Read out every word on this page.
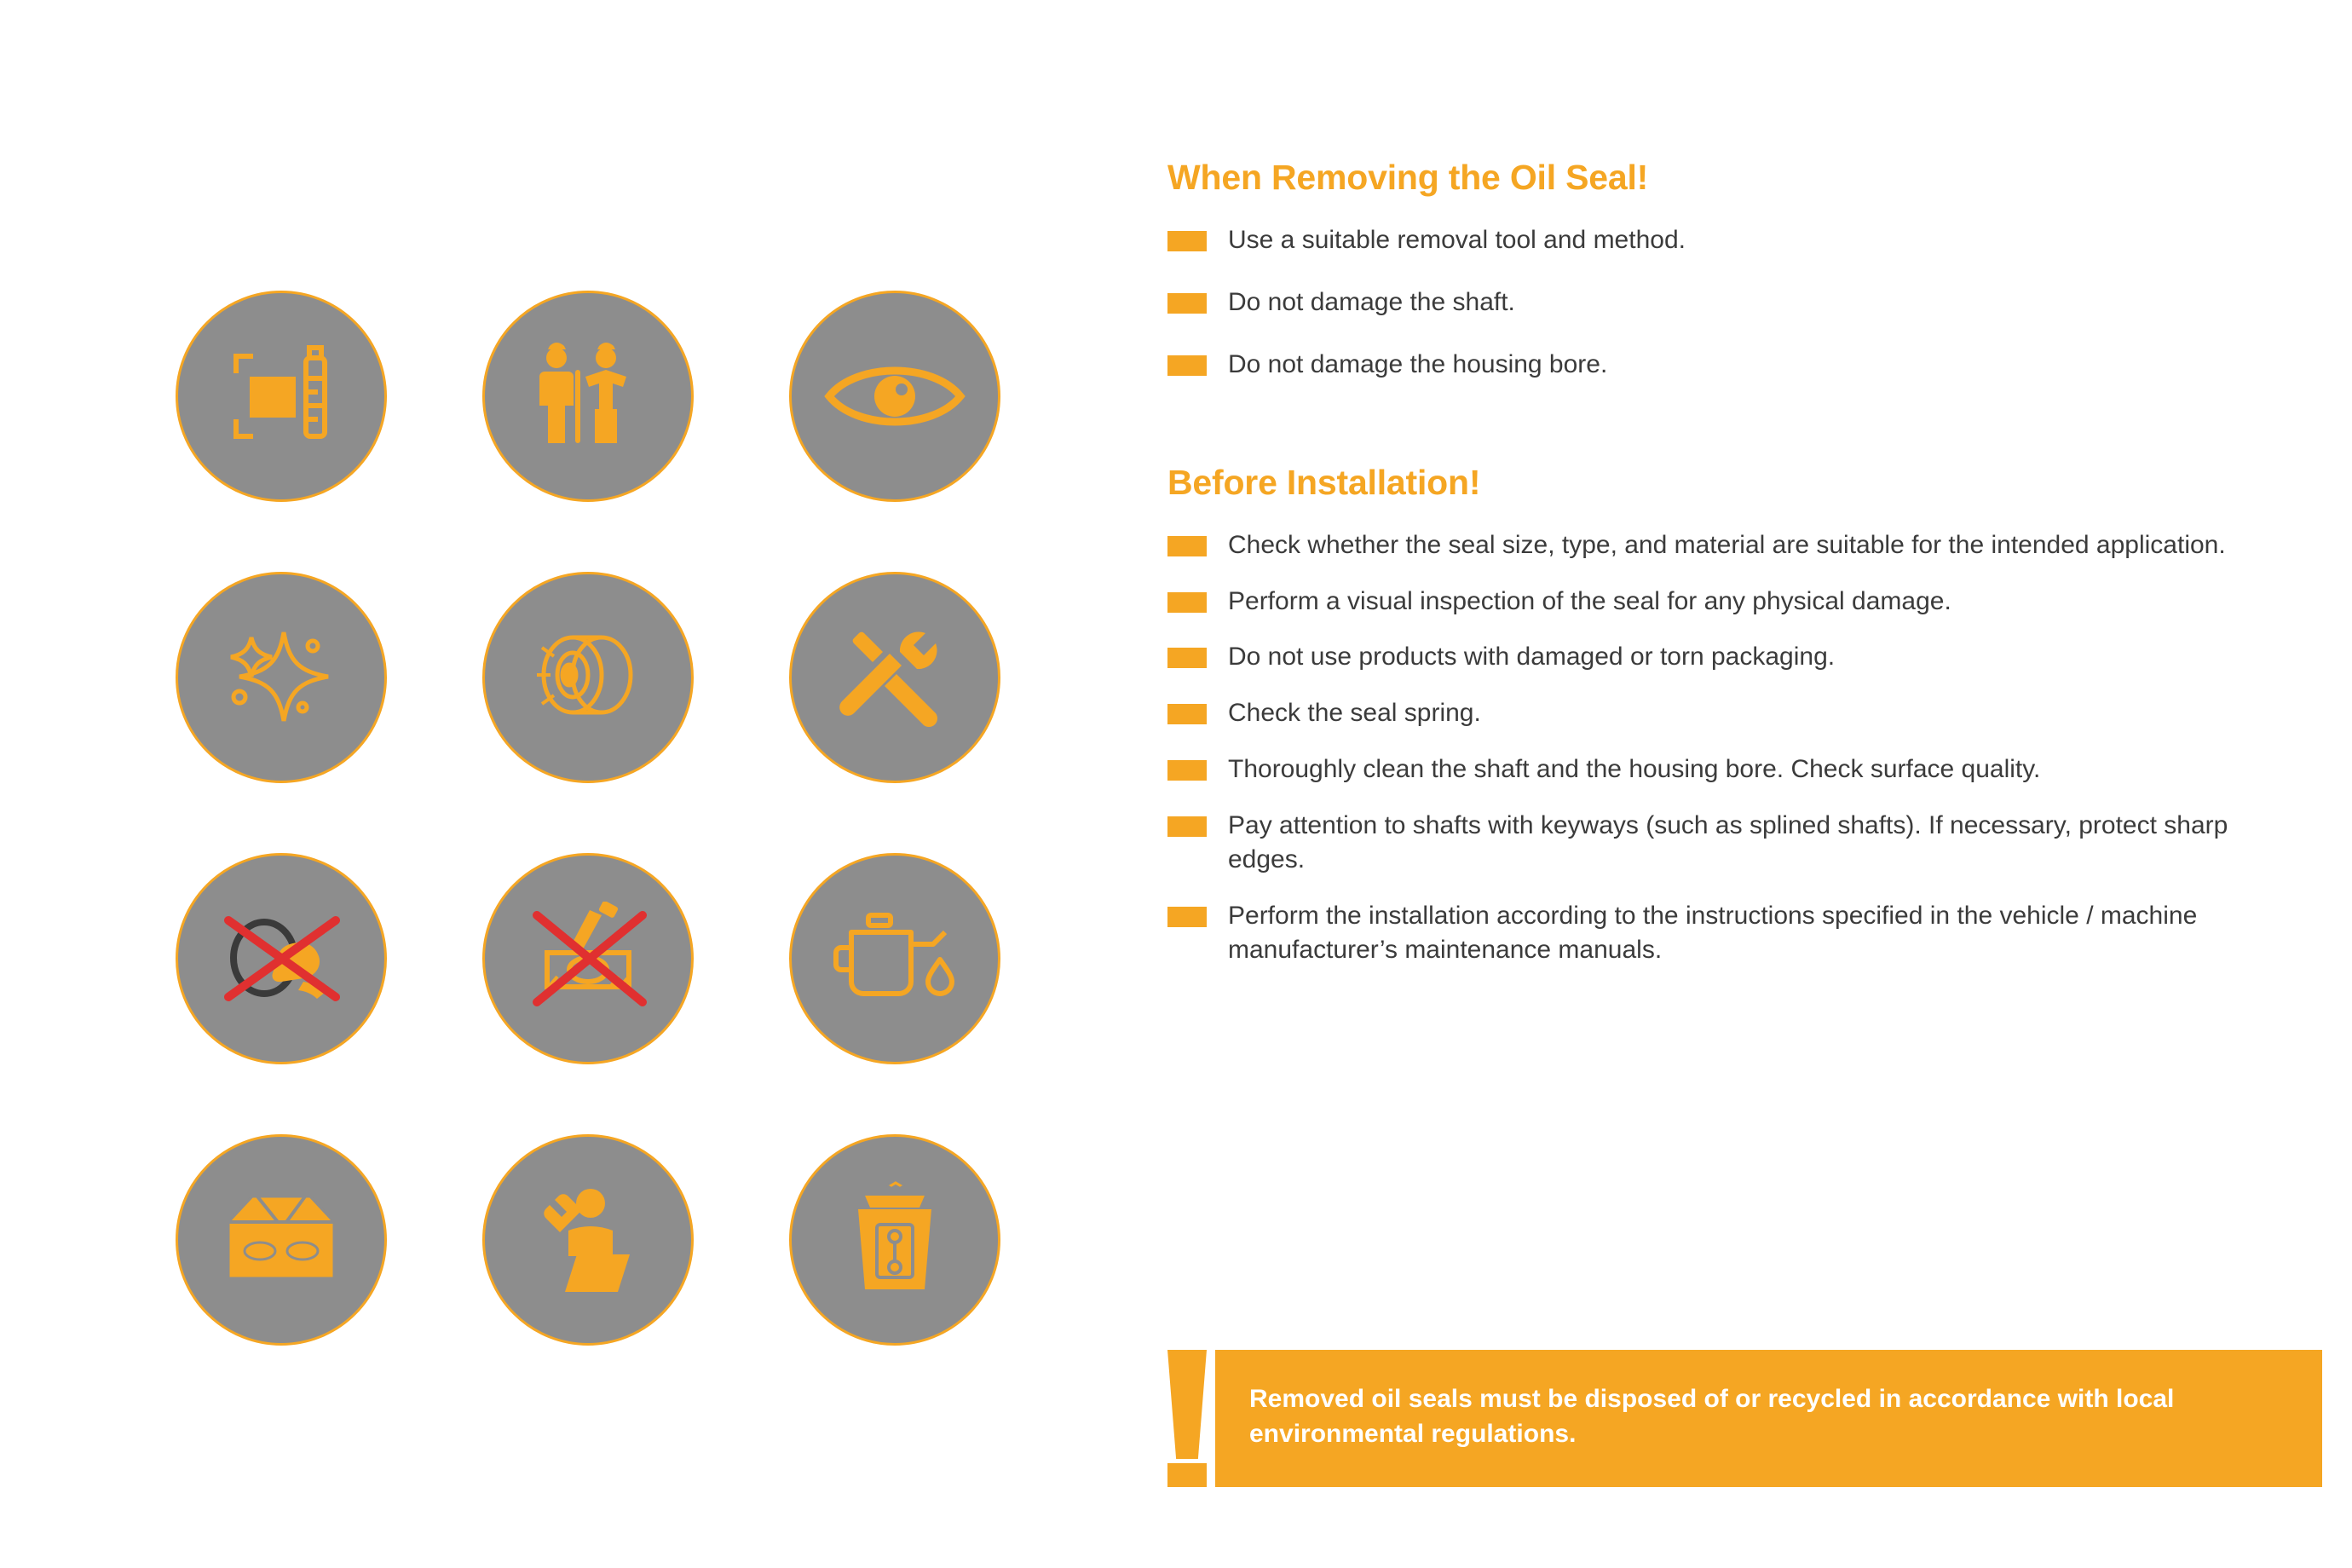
When Removing the Oil Seal!
Use a suitable removal tool and method.
Do not damage the shaft.
Do not damage the housing bore.
Before Installation!
Check whether the seal size, type, and material are suitable for the intended application.
Perform a visual inspection of the seal for any physical damage.
Do not use products with damaged or torn packaging.
Check the seal spring.
Thoroughly clean the shaft and the housing bore. Check surface quality.
Pay attention to shafts with keyways (such as splined shafts). If necessary, protect sharp edges.
Perform the installation according to the instructions specified in the vehicle / machine manufacturer’s maintenance manuals.
Removed oil seals must be disposed of or recycled in accordance with local environmental regulations.
